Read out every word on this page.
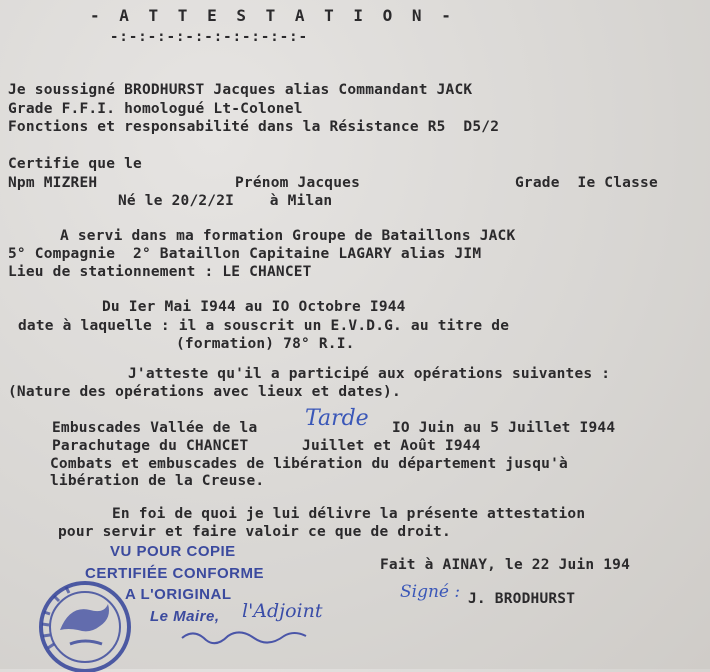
- A T T E S T A T I O N -
-:-:-:-:-:-:-:-:-:-:-
Je soussigné BRODHURST Jacques alias Commandant JACK
Grade F.F.I. homologué Lt-Colonel
Fonctions et responsabilité dans la Résistance R5  D5/2
Certifie que le
Npm MIZREH	Prénom Jacques	Grade  Ie Classe
Né le 20/2/2I    à Milan
A servi dans ma formation Groupe de Bataillons JACK
5° Compagnie  2° Bataillon Capitaine LAGARY alias JIM
Lieu de stationnement : LE CHANCET
Du Ier Mai I944 au IO Octobre I944
date à laquelle : il a souscrit un E.V.D.G. au titre de
(formation) 78° R.I.
J'atteste qu'il a participé aux opérations suivantes :
(Nature des opérations avec lieux et dates).
Embuscades Vallée de la Tarde IO Juin au 5 Juillet I944
Parachutage du CHANCET      Juillet et Août I944
Combats et embuscades de libération du département jusqu'à
libération de la Creuse.
En foi de quoi je lui délivre la présente attestation
pour servir et faire valoir ce que de droit.
VU POUR COPIE
CERTIFIÉE CONFORME
A L'ORIGINAL
Le Maire, l'Adjoint
Fait à AINAY, le 22 Juin 194
Signé : J. BRODHURST
